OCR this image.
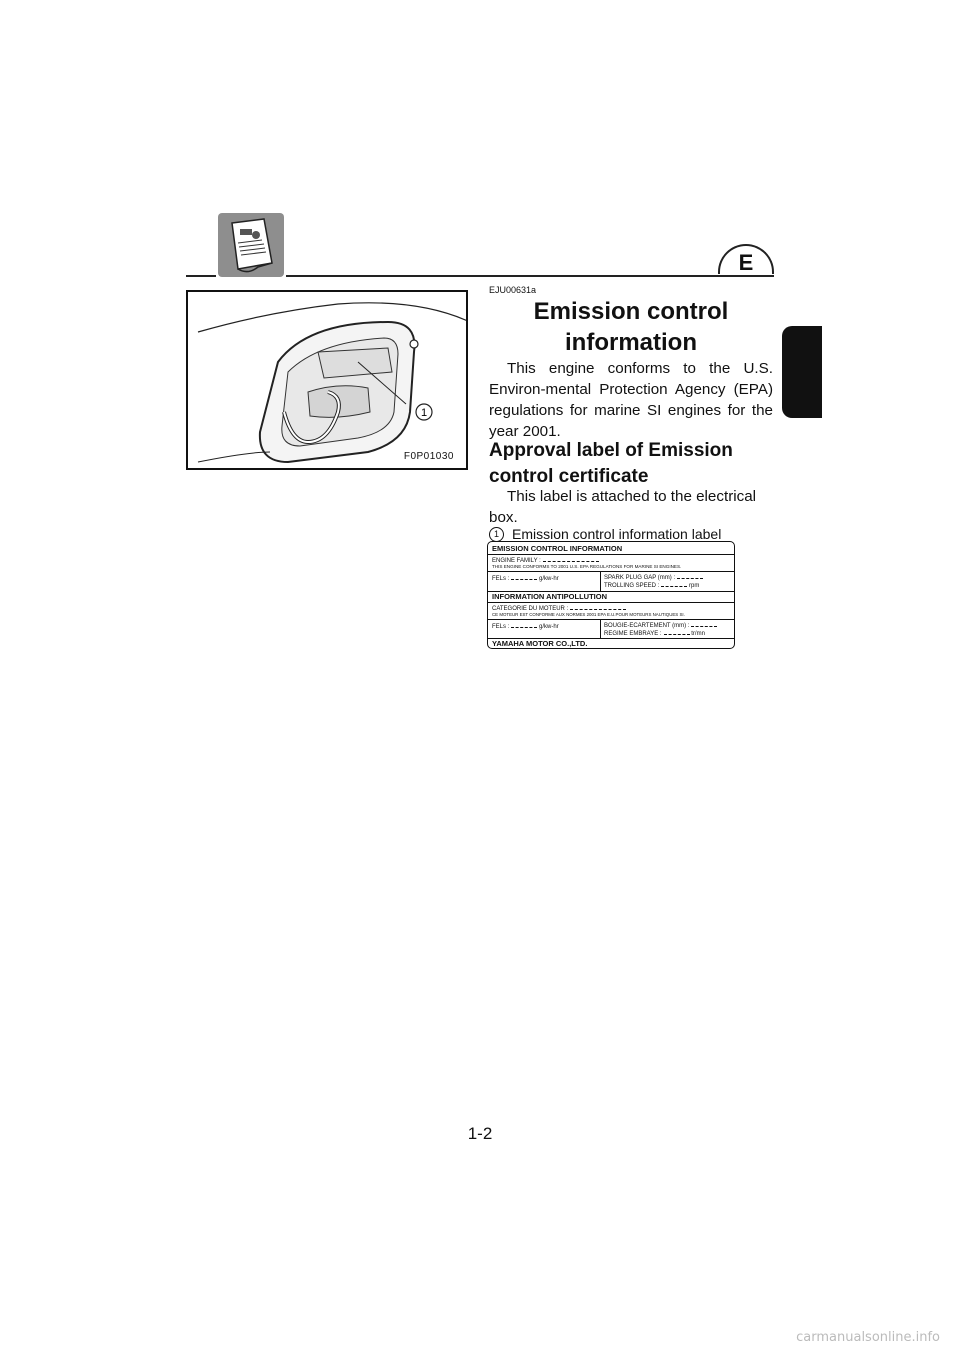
E
1
F0P01030
EJU00631a
Emission control
information
This engine conforms to the U.S. Environ-mental Protection Agency (EPA) regulations for marine SI engines for the year 2001.
Approval label of Emission
control certificate
This label is attached to the electrical box.
1 Emission control information label
EMISSION CONTROL INFORMATION
ENGINE FAMILY :
THIS ENGINE CONFORMS TO 2001 U.S. EPA REGULATIONS FOR MARINE SI ENGINES.
FELs :	g/kw-hr	SPARK PLUG GAP (mm) :
TROLLING SPEED :	rpm
INFORMATION ANTIPOLLUTION
CATEGORIE DU MOTEUR :
CE MOTEUR EST CONFORME AUX NORMES 2001 EPA E.U.POUR MOTEURS NAUTIQUES SI.
FELs :	g/kw-hr	BOUGIE-ECARTEMENT (mm) :
REGIME EMBRAYE :	tr/mn
YAMAHA MOTOR CO.,LTD.
1-2
carmanualsonline.info
